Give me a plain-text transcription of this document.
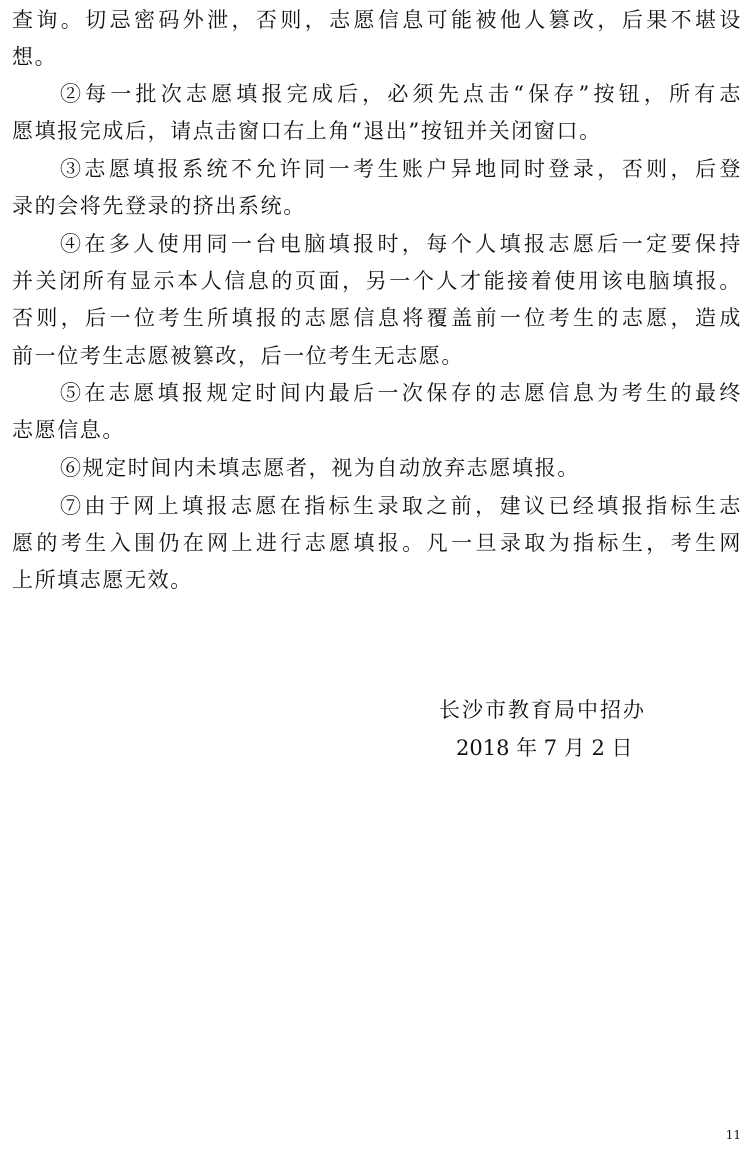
查询。切忌密码外泄，否则，志愿信息可能被他人篡改，后果不堪设
想。
②每一批次志愿填报完成后，必须先点击“保存”按钮，所有志
愿填报完成后，请点击窗口右上角“退出”按钮并关闭窗口。
③志愿填报系统不允许同一考生账户异地同时登录，否则，后登
录的会将先登录的挤出系统。
④在多人使用同一台电脑填报时，每个人填报志愿后一定要保持
并关闭所有显示本人信息的页面，另一个人才能接着使用该电脑填报。
否则，后一位考生所填报的志愿信息将覆盖前一位考生的志愿，造成
前一位考生志愿被篡改，后一位考生无志愿。
⑤在志愿填报规定时间内最后一次保存的志愿信息为考生的最终
志愿信息。
⑥规定时间内未填志愿者，视为自动放弃志愿填报。
⑦由于网上填报志愿在指标生录取之前，建议已经填报指标生志
愿的考生入围仍在网上进行志愿填报。凡一旦录取为指标生，考生网
上所填志愿无效。
长沙市教育局中招办
2018 年 7 月 2 日
11
